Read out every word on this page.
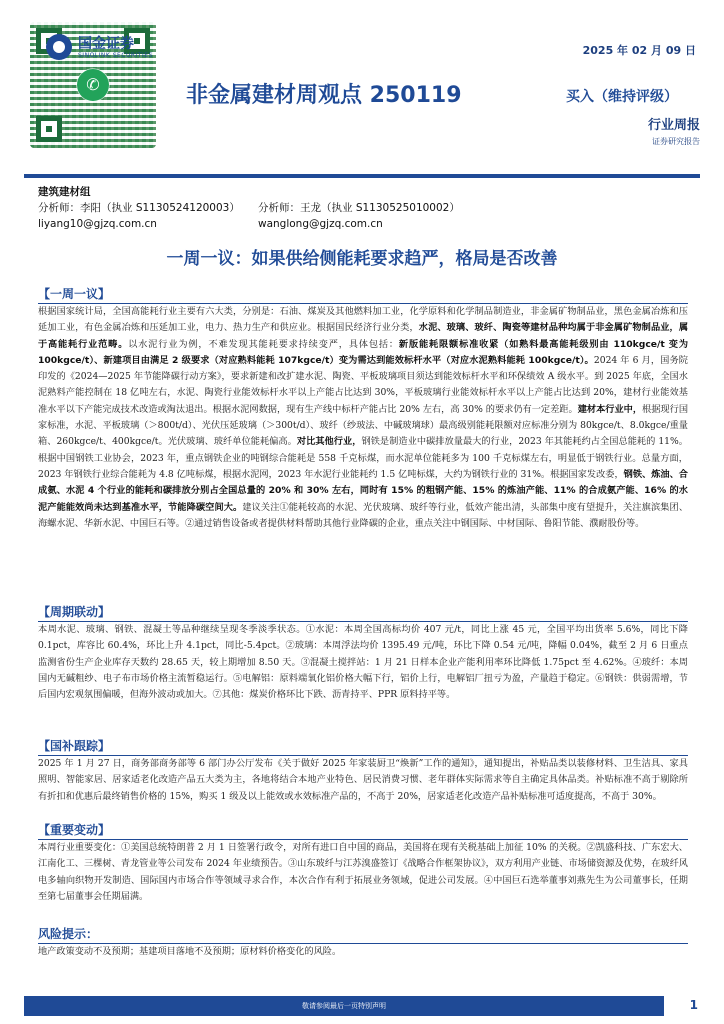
✆
国金证券
SINOLINK SECURITIES	2025 年 02 月 09 日
非金属建材周观点 250119	买入（维持评级）
行业周报
证券研究报告
建筑建材组
分析师：李阳（执业 S1130524120003）	分析师：王龙（执业 S1130525010002）
liyang10@gjzq.com.cn	wanglong@gjzq.com.cn
一周一议：如果供给侧能耗要求趋严，格局是否改善
【一周一议】

根据国家统计局，全国高能耗行业主要有六大类，分别是：石油、煤炭及其他燃料加工业，化学原料和化学制品制造业，非金属矿物制品业，黑色金属冶炼和压延加工业，有色金属冶炼和压延加工业，电力、热力生产和供应业。根据国民经济行业分类，水泥、玻璃、玻纤、陶瓷等建材品种均属于非金属矿物制品业，属于高能耗行业范畴。以水泥行业为例，不难发现其能耗要求持续变严，具体包括：新版能耗限额标准收紧（如熟料最高能耗级别由 110kgce/t 变为 100kgce/t）、新建项目由满足 2 级要求（对应熟料能耗 107kgce/t）变为需达到能效标杆水平（对应水泥熟料能耗 100kgce/t）。2024 年 6 月，国务院印发的《2024—2025 年节能降碳行动方案》，要求新建和改扩建水泥、陶瓷、平板玻璃项目须达到能效标杆水平和环保绩效 A 级水平。到 2025 年底，全国水泥熟料产能控制在 18 亿吨左右，水泥、陶瓷行业能效标杆水平以上产能占比达到 30%，平板玻璃行业能效标杆水平以上产能占比达到 20%，建材行业能效基准水平以下产能完成技术改造或淘汰退出。根据水泥网数据，现有生产线中标杆产能占比 20% 左右，高 30% 的要求仍有一定差距。建材本行业中，根据现行国家标准，水泥、平板玻璃（＞800t/d）、光伏压延玻璃（＞300t/d）、玻纤（纱玻法、中碱玻璃球）最高级别能耗限额对应标准分别为 80kgce/t、8.0kgce/重量箱、260kgce/t、400kgce/t。光伏玻璃、玻纤单位能耗偏高。对比其他行业，钢铁是制造业中碳排放量最大的行业，2023 年其能耗约占全国总能耗的 11%。根据中国钢铁工业协会，2023 年，重点钢铁企业的吨钢综合能耗是 558 千克标煤，而水泥单位能耗多为 100 千克标煤左右，明显低于钢铁行业。总量方面，2023 年钢铁行业综合能耗为 4.8 亿吨标煤，根据水泥网，2023 年水泥行业能耗约 1.5 亿吨标煤，大约为钢铁行业的 31%。根据国家发改委，钢铁、炼油、合成氨、水泥 4 个行业的能耗和碳排放分别占全国总量的 20% 和 30% 左右，同时有 15% 的粗钢产能、15% 的炼油产能、11% 的合成氨产能、16% 的水泥产能能效尚未达到基准水平，节能降碳空间大。建议关注①能耗较高的水泥、光伏玻璃、玻纤等行业，低效产能出清，头部集中度有望提升，关注旗滨集团、海螺水泥、华新水泥、中国巨石等。②通过销售设备或者提供材料帮助其他行业降碳的企业，重点关注中钢国际、中材国际、鲁阳节能、濮耐股份等。

【周期联动】

本周水泥、玻璃、钢铁、混凝土等品种继续呈现冬季淡季状态。①水泥：本周全国高标均价 407 元/t，同比上涨 45 元，全国平均出货率 5.6%，同比下降 0.1pct，库容比 60.4%，环比上升 4.1pct，同比-5.4pct。②玻璃：本周浮法均价 1395.49 元/吨，环比下降 0.54 元/吨，降幅 0.04%，截至 2 月 6 日重点监测省份生产企业库存天数约 28.65 天，较上期增加 8.50 天。③混凝土搅拌站：1 月 21 日样本企业产能利用率环比降低 1.75pct 至 4.62%。④玻纤：本周国内无碱粗纱、电子布市场价格主流暂稳运行。⑤电解铝：原料端氧化铝价格大幅下行，铝价上行，电解铝厂扭亏为盈，产量趋于稳定。⑥钢铁：供弱需增，节后国内宏观氛围偏暖，但海外波动或加大。⑦其他：煤炭价格环比下跌、沥青持平、PPR 原料持平等。

【国补跟踪】

2025 年 1 月 27 日，商务部商务部等 6 部门办公厅发布《关于做好 2025 年家装厨卫“焕新”工作的通知》，通知提出，补贴品类以装修材料、卫生洁具、家具照明、智能家居、居家适老化改造产品五大类为主，各地将结合本地产业特色、居民消费习惯、老年群体实际需求等自主确定具体品类。补贴标准不高于剔除所有折扣和优惠后最终销售价格的 15%，购买 1 级及以上能效或水效标准产品的，不高于 20%，居家适老化改造产品补贴标准可适度提高，不高于 30%。

【重要变动】

本周行业重要变化：①美国总统特朗普 2 月 1 日签署行政令，对所有进口自中国的商品，美国将在现有关税基础上加征 10% 的关税。②凯盛科技、广东宏大、江南化工、三棵树、青龙管业等公司发布 2024 年业绩预告。③山东玻纤与江苏溴盛签订《战略合作框架协议》，双方利用产业链、市场储资源及优势，在玻纤风电多轴向织物开发制造、国际国内市场合作等领域寻求合作，本次合作有利于拓展业务领域，促进公司发展。④中国巨石选举董事刘燕先生为公司董事长，任期至第七届董事会任期届满。

风险提示：

地产政策变动不及预期；基建项目落地不及预期；原材料价格变化的风险。

敬请参阅最后一页特别声明	1
